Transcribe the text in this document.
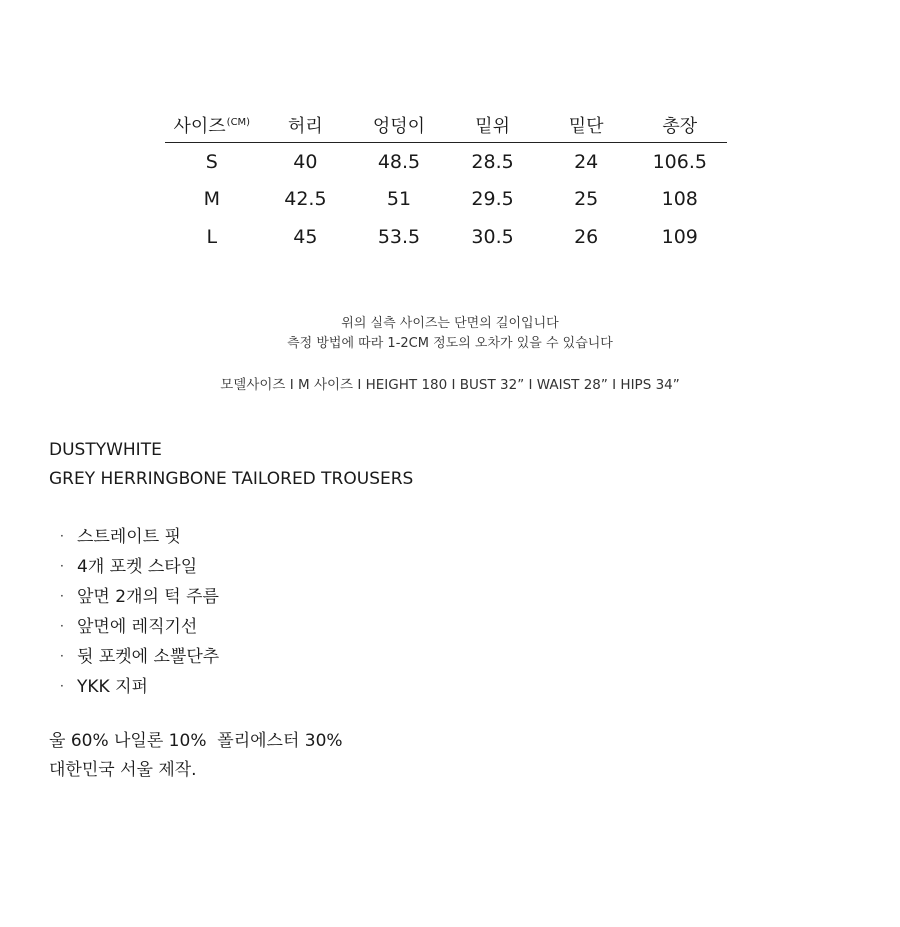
사이즈$^{(CM)}$	허리	엉덩이	밑위	밑단	총장
S	40	48.5	28.5	24	106.5
M	42.5	51	29.5	25	108
L	45	53.5	30.5	26	109
위의 실측 사이즈는 단면의 길이입니다
측정 방법에 따라 1-2CM 정도의 오차가 있을 수 있습니다
모델사이즈 I M 사이즈 I HEIGHT 180 I BUST 32” I WAIST 28” I HIPS 34”
DUSTYWHITE
GREY HERRINGBONE TAILORED TROUSERS
· 스트레이트 핏
· 4개 포켓 스타일
· 앞면 2개의 턱 주름
· 앞면에 레직기선
· 뒷 포켓에 소뿔단추
· YKK 지퍼
울 60% 나일론 10%  폴리에스터 30%
대한민국 서울 제작.
